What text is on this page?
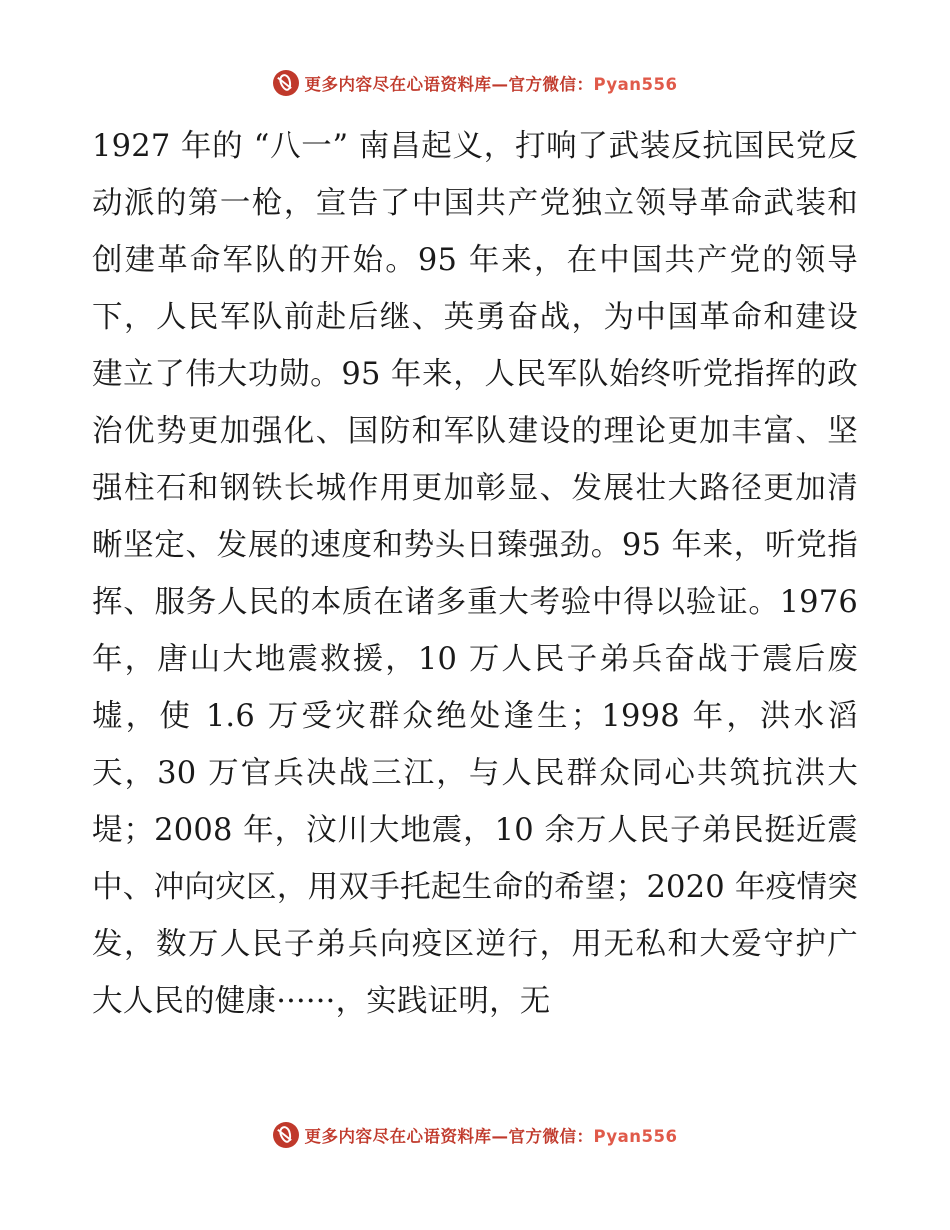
更多内容尽在心语资料库—官方微信：Pyan556

1927 年的 “八一” 南昌起义，打响了武装反抗国民党反动派的第一枪，宣告了中国共产党独立领导革命武装和创建革命军队的开始。95 年来，在中国共产党的领导下，人民军队前赴后继、英勇奋战，为中国革命和建设建立了伟大功勋。95 年来，人民军队始终听党指挥的政治优势更加强化、国防和军队建设的理论更加丰富、坚强柱石和钢铁长城作用更加彰显、发展壮大路径更加清晰坚定、发展的速度和势头日臻强劲。95 年来，听党指挥、服务人民的本质在诸多重大考验中得以验证。1976 年，唐山大地震救援，10 万人民子弟兵奋战于震后废墟，使 1.6 万受灾群众绝处逢生；1998 年，洪水滔天，30 万官兵决战三江，与人民群众同心共筑抗洪大堤；2008 年，汶川大地震，10 余万人民子弟民挺近震中、冲向灾区，用双手托起生命的希望；2020 年疫情突发，数万人民子弟兵向疫区逆行，用无私和大爱守护广大人民的健康······，实践证明，无

更多内容尽在心语资料库—官方微信：Pyan556
